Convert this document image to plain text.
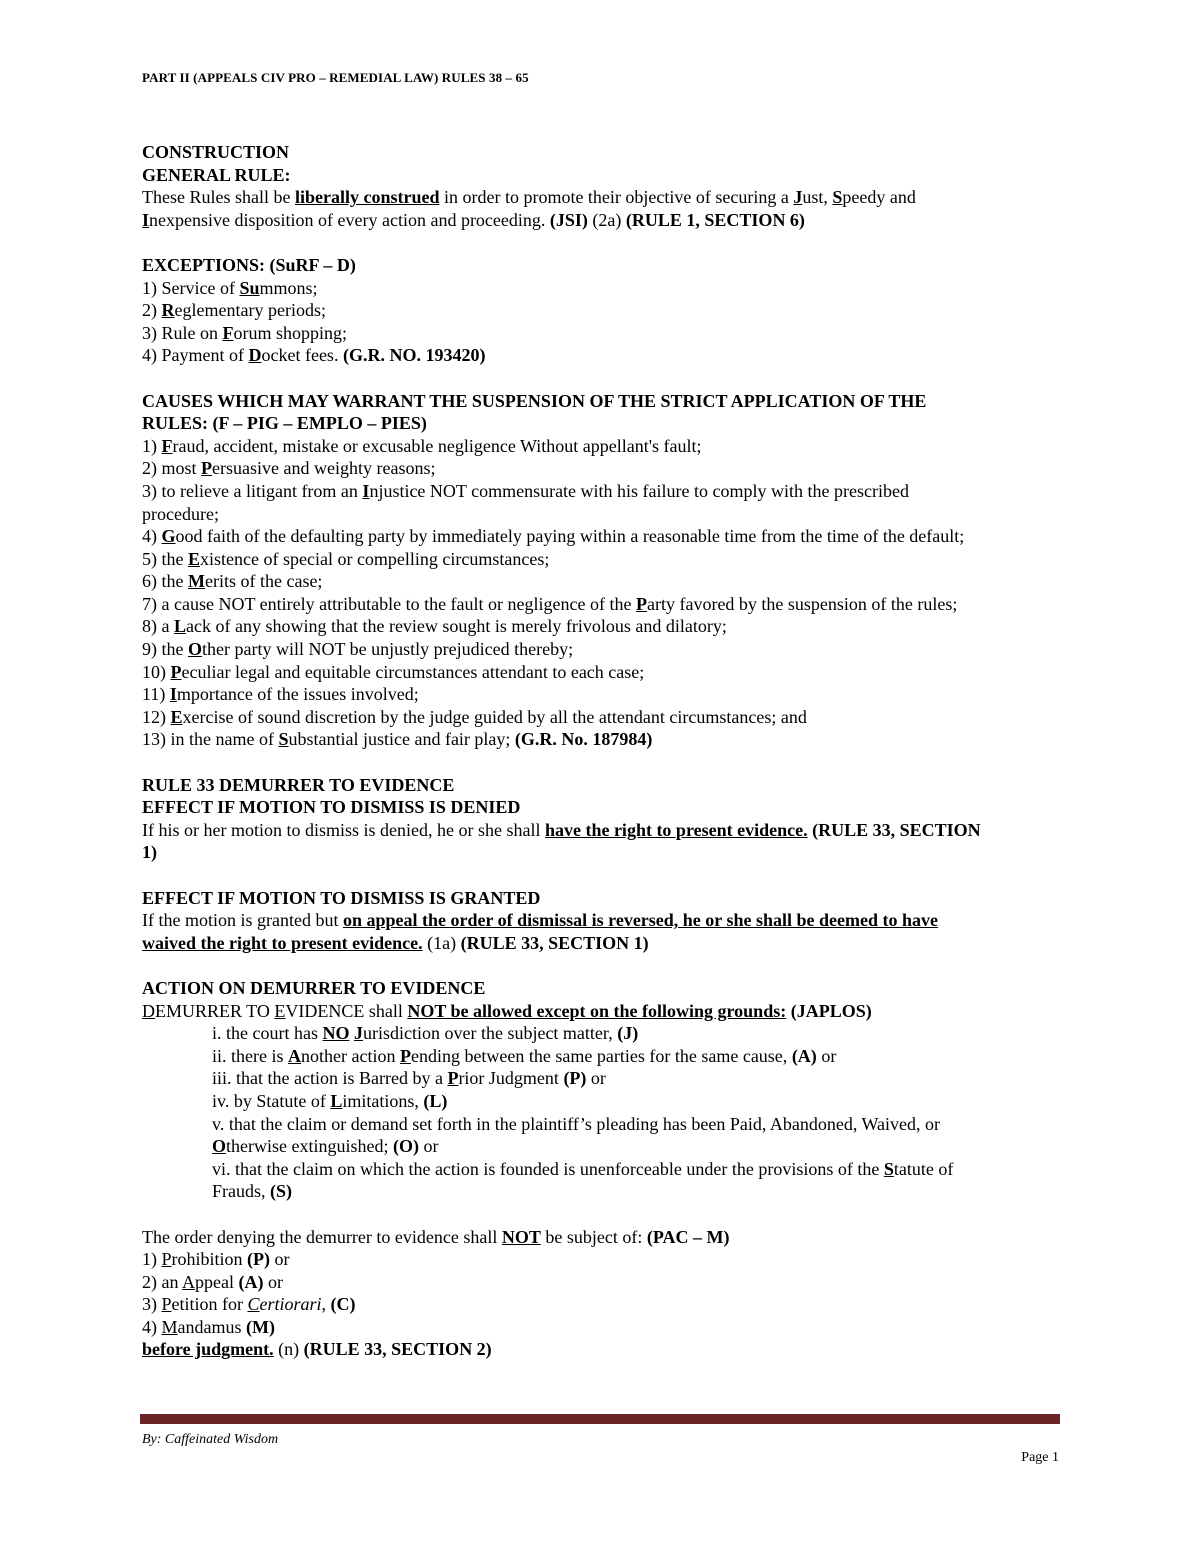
PART II (APPEALS CIV PRO – REMEDIAL LAW) RULES 38 – 65
CONSTRUCTION
GENERAL RULE:
These Rules shall be liberally construed in order to promote their objective of securing a Just, Speedy and
Inexpensive disposition of every action and proceeding. (JSI) (2a) (RULE 1, SECTION 6)
EXCEPTIONS: (SuRF – D)
1) Service of Summons;
2) Reglementary periods;
3) Rule on Forum shopping;
4) Payment of Docket fees. (G.R. NO. 193420)
CAUSES WHICH MAY WARRANT THE SUSPENSION OF THE STRICT APPLICATION OF THE
RULES: (F – PIG – EMPLO – PIES)
1) Fraud, accident, mistake or excusable negligence Without appellant's fault;
2) most Persuasive and weighty reasons;
3) to relieve a litigant from an Injustice NOT commensurate with his failure to comply with the prescribed
procedure;
4) Good faith of the defaulting party by immediately paying within a reasonable time from the time of the default;
5) the Existence of special or compelling circumstances;
6) the Merits of the case;
7) a cause NOT entirely attributable to the fault or negligence of the Party favored by the suspension of the rules;
8) a Lack of any showing that the review sought is merely frivolous and dilatory;
9) the Other party will NOT be unjustly prejudiced thereby;
10) Peculiar legal and equitable circumstances attendant to each case;
11) Importance of the issues involved;
12) Exercise of sound discretion by the judge guided by all the attendant circumstances; and
13) in the name of Substantial justice and fair play; (G.R. No. 187984)
RULE 33 DEMURRER TO EVIDENCE
EFFECT IF MOTION TO DISMISS IS DENIED
If his or her motion to dismiss is denied, he or she shall have the right to present evidence. (RULE 33, SECTION
1)
EFFECT IF MOTION TO DISMISS IS GRANTED
If the motion is granted but on appeal the order of dismissal is reversed, he or she shall be deemed to have
waived the right to present evidence. (1a) (RULE 33, SECTION 1)
ACTION ON DEMURRER TO EVIDENCE
DEMURRER TO EVIDENCE shall NOT be allowed except on the following grounds: (JAPLOS)
i. the court has NO Jurisdiction over the subject matter, (J)
ii. there is Another action Pending between the same parties for the same cause, (A) or
iii. that the action is Barred by a Prior Judgment (P) or
iv. by Statute of Limitations, (L)
v. that the claim or demand set forth in the plaintiff’s pleading has been Paid, Abandoned, Waived, or
Otherwise extinguished; (O) or
vi. that the claim on which the action is founded is unenforceable under the provisions of the Statute of
Frauds, (S)
The order denying the demurrer to evidence shall NOT be subject of: (PAC – M)
1) Prohibition (P) or
2) an Appeal (A) or
3) Petition for Certiorari, (C)
4) Mandamus (M)
before judgment. (n) (RULE 33, SECTION 2)
By: Caffeinated Wisdom
Page 1
